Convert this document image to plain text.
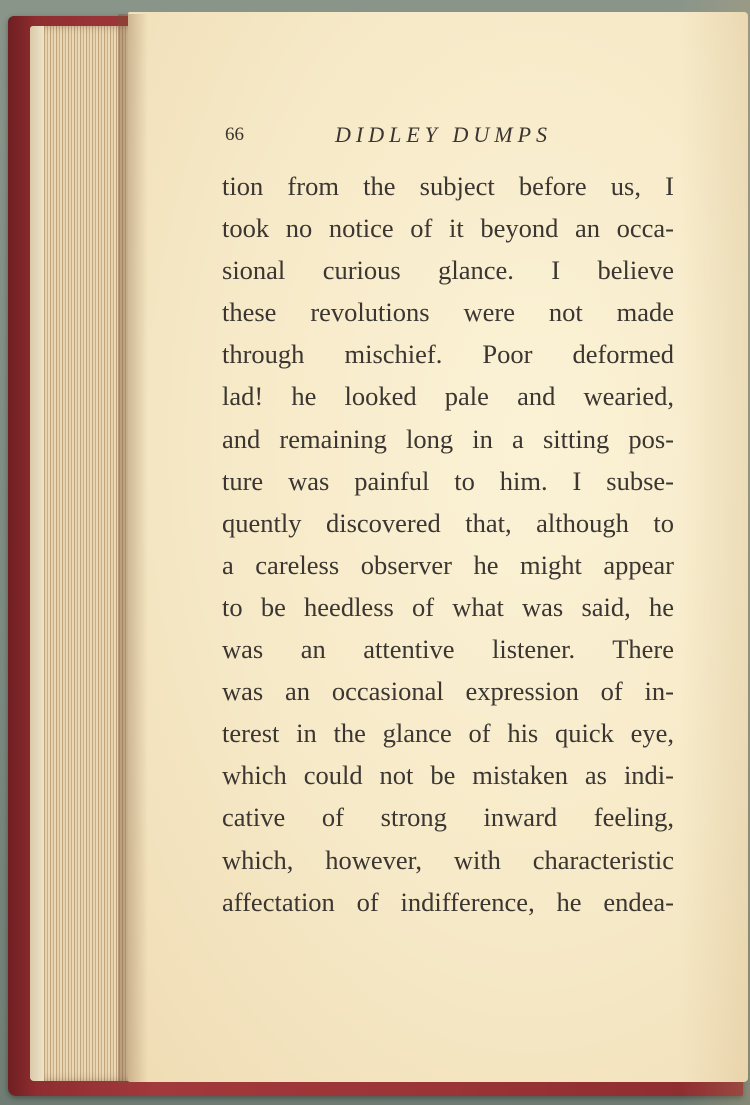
66	DIDLEY DUMPS
tion from the subject before us, I
took no notice of it beyond an occa-
sional curious glance. I believe
these revolutions were not made
through mischief. Poor deformed
lad! he looked pale and wearied,
and remaining long in a sitting pos-
ture was painful to him. I subse-
quently discovered that, although to
a careless observer he might appear
to be heedless of what was said, he
was an attentive listener. There
was an occasional expression of in-
terest in the glance of his quick eye,
which could not be mistaken as indi-
cative of strong inward feeling,
which, however, with characteristic
affectation of indifference, he endea-
